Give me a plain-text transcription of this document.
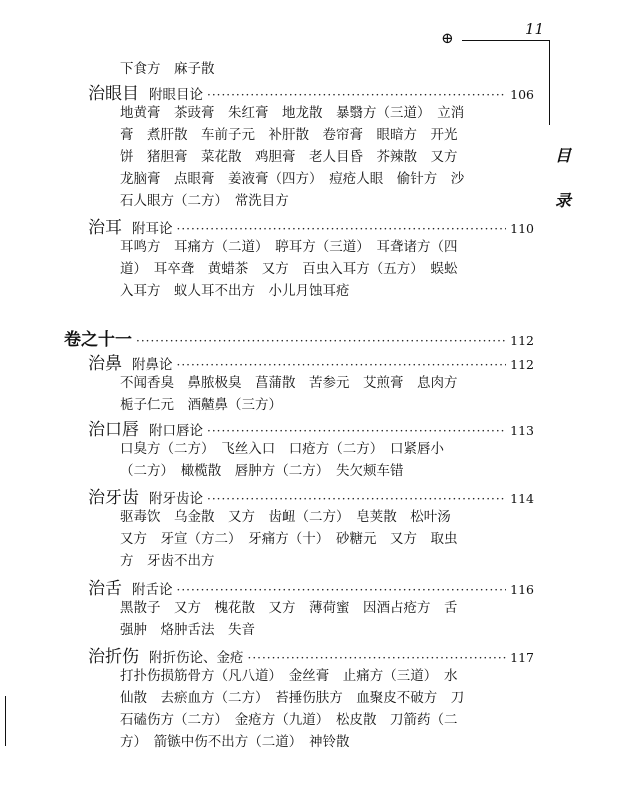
11
⊕
目
录
下食方　麻子散
治眼目 附眼目论 ·····	106
地黄膏　茶豉膏　朱红膏　地龙散　暴翳方（三道）　立消
膏　煮肝散　车前子元　补肝散　卷帘膏　眼暗方　开光
饼　猪胆膏　菜花散　鸡胆膏　老人目昏　芥辣散　又方
龙脑膏　点眼膏　姜液膏（四方）　痘疮人眼　偷针方　沙
石人眼方（二方）　常洗目方
治耳 附耳论 ·····	110
耳鸣方　耳痛方（二道）　聤耳方（三道）　耳聋诸方（四
道）　耳卒聋　黄蜡茶　又方　百虫入耳方（五方）　蜈蚣
入耳方　蚁人耳不出方　小儿月蚀耳疮
卷之十一 ·····	112
治鼻 附鼻论 ·····	112
不闻香臭　鼻脓极臭　菖蒲散　苦参元　艾煎膏　息肉方
栀子仁元　酒齄鼻（三方）
治口唇 附口唇论 ·····	113
口臭方（二方）　飞丝入口　口疮方（二方）　口紧唇小
（二方）　橄榄散　唇肿方（二方）　失欠颊车错
治牙齿 附牙齿论 ·····	114
驱毒饮　乌金散　又方　齿衄（二方）　皂荚散　松叶汤
又方　牙宣（方二）　牙痛方（十）　砂糖元　又方　取虫
方　牙齿不出方
治舌 附舌论 ·····	116
黑散子　又方　槐花散　又方　薄荷蜜　因酒占疮方　舌
强肿　烙肿舌法　失音
治折伤 附折伤论、金疮 ·····	117
打扑伤损筋骨方（凡八道）　金丝膏　止痛方（三道）　水
仙散　去瘀血方（二方）　苔捶伤肤方　血聚皮不破方　刀
石磕伤方（二方）　金疮方（九道）　松皮散　刀箭药（二
方）　箭镞中伤不出方（二道）　神铃散
